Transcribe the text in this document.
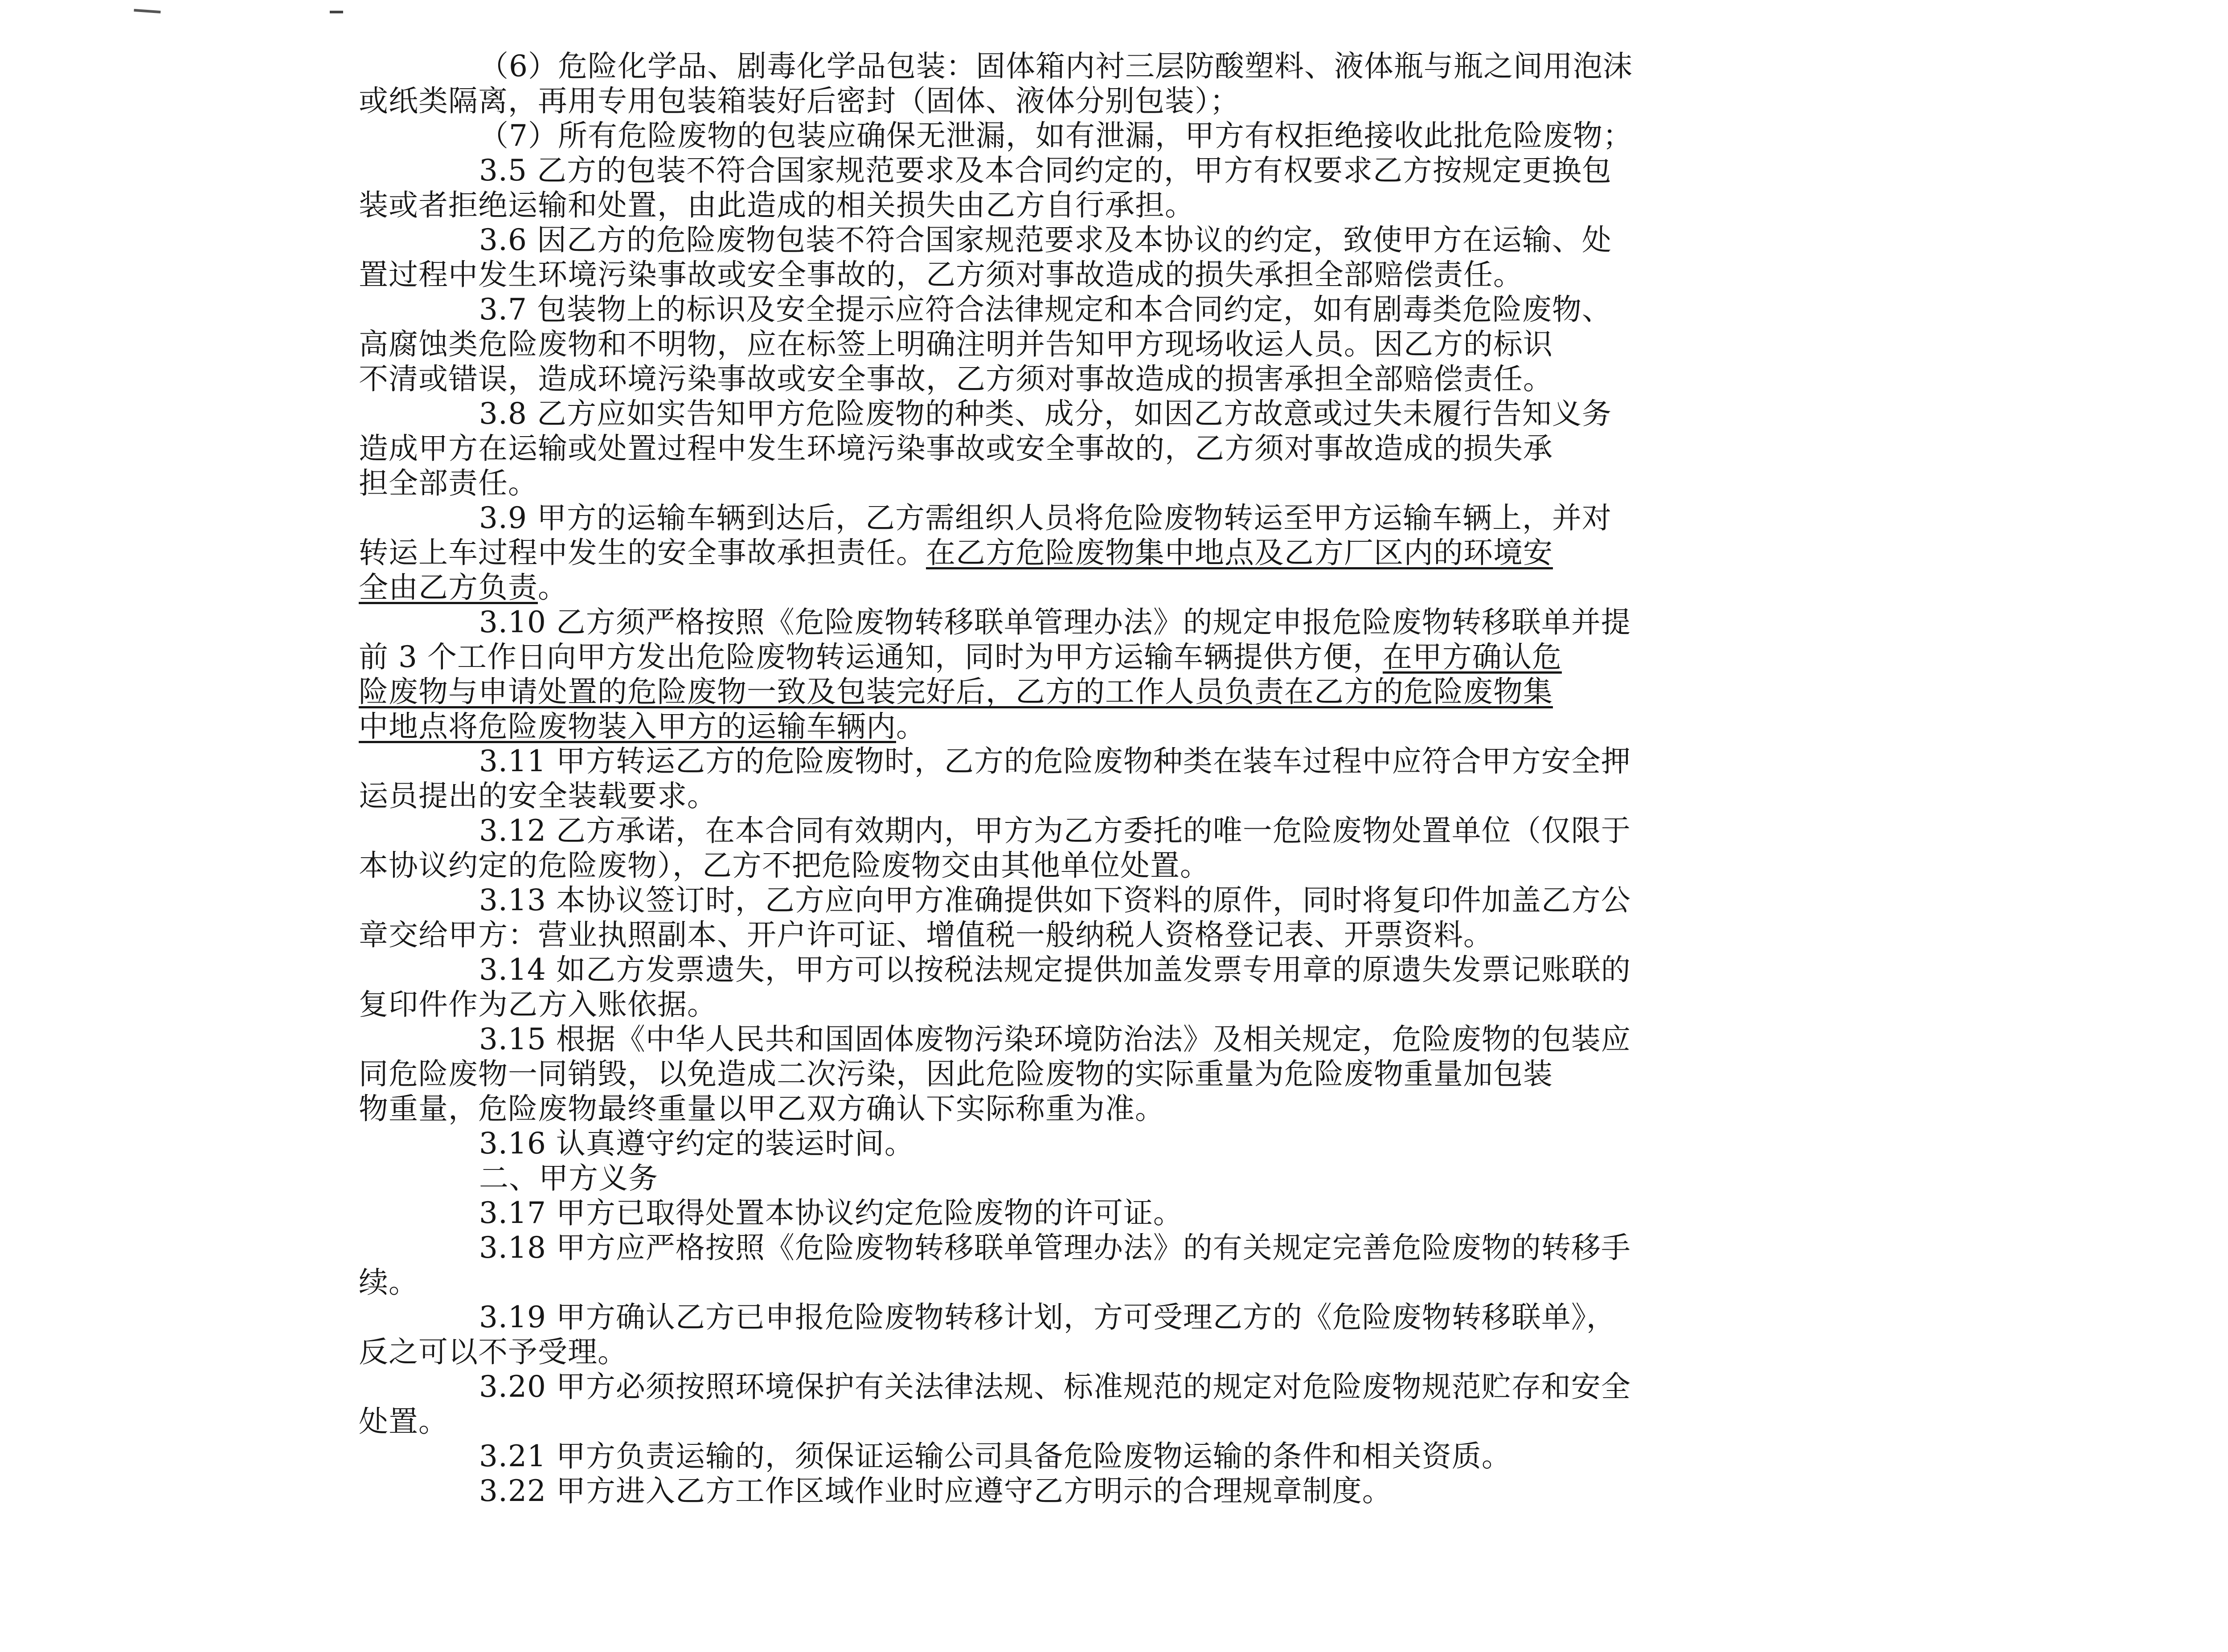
（6）危险化学品、剧毒化学品包装：固体箱内衬三层防酸塑料、液体瓶与瓶之间用泡沫
或纸类隔离，再用专用包装箱装好后密封（固体、液体分别包装）；
（7）所有危险废物的包装应确保无泄漏，如有泄漏，甲方有权拒绝接收此批危险废物；
3.5 乙方的包装不符合国家规范要求及本合同约定的，甲方有权要求乙方按规定更换包
装或者拒绝运输和处置，由此造成的相关损失由乙方自行承担。
3.6 因乙方的危险废物包装不符合国家规范要求及本协议的约定，致使甲方在运输、处
置过程中发生环境污染事故或安全事故的，乙方须对事故造成的损失承担全部赔偿责任。
3.7 包装物上的标识及安全提示应符合法律规定和本合同约定，如有剧毒类危险废物、
高腐蚀类危险废物和不明物，应在标签上明确注明并告知甲方现场收运人员。因乙方的标识
不清或错误，造成环境污染事故或安全事故，乙方须对事故造成的损害承担全部赔偿责任。
3.8 乙方应如实告知甲方危险废物的种类、成分，如因乙方故意或过失未履行告知义务
造成甲方在运输或处置过程中发生环境污染事故或安全事故的，乙方须对事故造成的损失承
担全部责任。
3.9 甲方的运输车辆到达后，乙方需组织人员将危险废物转运至甲方运输车辆上，并对
转运上车过程中发生的安全事故承担责任。在乙方危险废物集中地点及乙方厂区内的环境安
全由乙方负责。
3.10 乙方须严格按照《危险废物转移联单管理办法》的规定申报危险废物转移联单并提
前 3 个工作日向甲方发出危险废物转运通知，同时为甲方运输车辆提供方便，在甲方确认危
险废物与申请处置的危险废物一致及包装完好后，乙方的工作人员负责在乙方的危险废物集
中地点将危险废物装入甲方的运输车辆内。
3.11 甲方转运乙方的危险废物时，乙方的危险废物种类在装车过程中应符合甲方安全押
运员提出的安全装载要求。
3.12 乙方承诺，在本合同有效期内，甲方为乙方委托的唯一危险废物处置单位（仅限于
本协议约定的危险废物），乙方不把危险废物交由其他单位处置。
3.13 本协议签订时，乙方应向甲方准确提供如下资料的原件，同时将复印件加盖乙方公
章交给甲方：营业执照副本、开户许可证、增值税一般纳税人资格登记表、开票资料。
3.14 如乙方发票遗失，甲方可以按税法规定提供加盖发票专用章的原遗失发票记账联的
复印件作为乙方入账依据。
3.15 根据《中华人民共和国固体废物污染环境防治法》及相关规定，危险废物的包装应
同危险废物一同销毁，以免造成二次污染，因此危险废物的实际重量为危险废物重量加包装
物重量，危险废物最终重量以甲乙双方确认下实际称重为准。
3.16 认真遵守约定的装运时间。
二、甲方义务
3.17 甲方已取得处置本协议约定危险废物的许可证。
3.18 甲方应严格按照《危险废物转移联单管理办法》的有关规定完善危险废物的转移手
续。
3.19 甲方确认乙方已申报危险废物转移计划，方可受理乙方的《危险废物转移联单》，
反之可以不予受理。
3.20 甲方必须按照环境保护有关法律法规、标准规范的规定对危险废物规范贮存和安全
处置。
3.21 甲方负责运输的，须保证运输公司具备危险废物运输的条件和相关资质。
3.22 甲方进入乙方工作区域作业时应遵守乙方明示的合理规章制度。
